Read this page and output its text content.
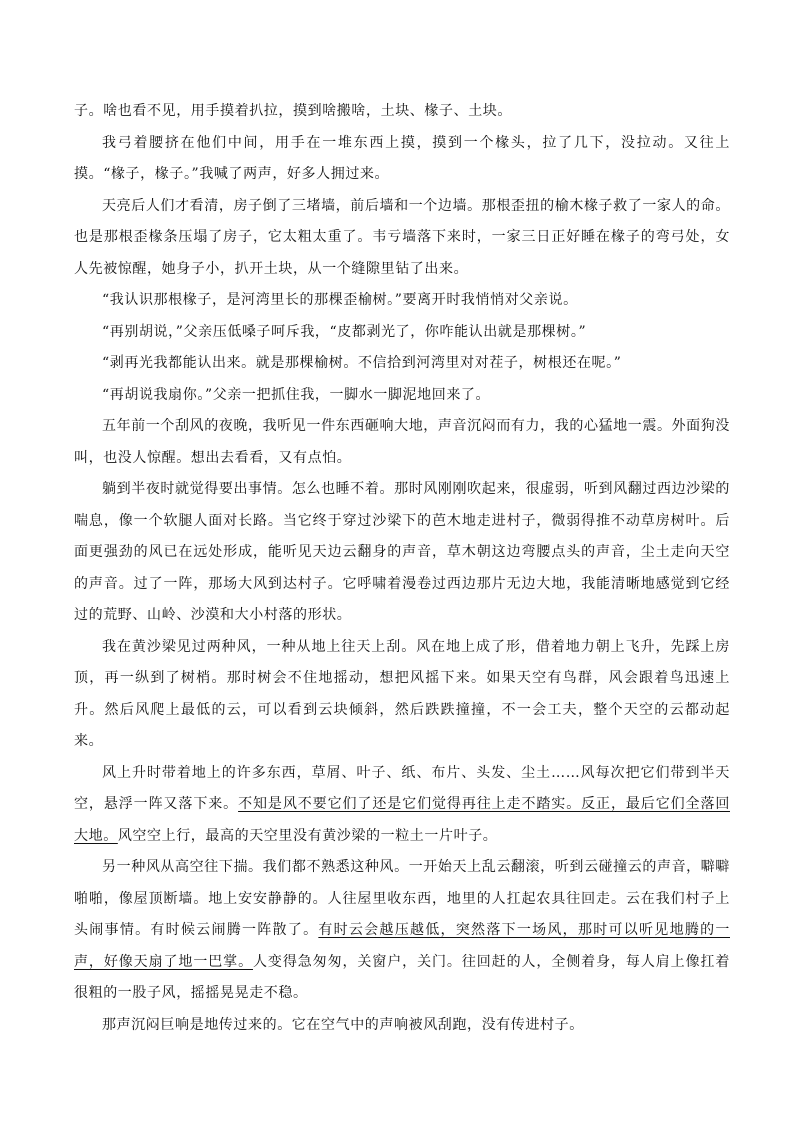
子。啥也看不见，用手摸着扒拉，摸到啥搬啥，土块、椽子、土块。

我弓着腰挤在他们中间，用手在一堆东西上摸，摸到一个椽头，拉了几下，没拉动。又往上摸。“椽子，椽子。”我喊了两声，好多人拥过来。

天亮后人们才看清，房子倒了三堵墙，前后墙和一个边墙。那根歪扭的榆木椽子救了一家人的命。也是那根歪椽条压塌了房子，它太粗太重了。韦亏墙落下来时，一家三日正好睡在椽子的弯弓处，女人先被惊醒，她身子小，扒开土块，从一个缝隙里钻了出来。

“我认识那根椽子，是河湾里长的那棵歪榆树。”要离开时我悄悄对父亲说。

“再别胡说，”父亲压低嗓子呵斥我，“皮都剥光了，你咋能认出就是那棵树。”

“剥再光我都能认出来。就是那棵榆树。不信拾到河湾里对对茬子，树根还在呢。”

“再胡说我扇你。”父亲一把抓住我，一脚水一脚泥地回来了。

五年前一个刮风的夜晚，我听见一件东西砸响大地，声音沉闷而有力，我的心猛地一震。外面狗没叫，也没人惊醒。想出去看看，又有点怕。

躺到半夜时就觉得要出事情。怎么也睡不着。那时风刚刚吹起来，很虚弱，听到风翻过西边沙梁的喘息，像一个软腿人面对长路。当它终于穿过沙梁下的芭木地走进村子，微弱得推不动草房树叶。后面更强劲的风已在远处形成，能听见天边云翻身的声音，草木朝这边弯腰点头的声音，尘土走向天空的声音。过了一阵，那场大风到达村子。它呼啸着漫卷过西边那片无边大地，我能清晰地感觉到它经过的荒野、山岭、沙漠和大小村落的形状。

我在黄沙梁见过两种风，一种从地上往天上刮。风在地上成了形，借着地力朝上飞升，先踩上房顶，再一纵到了树梢。那时树会不住地摇动，想把风摇下来。如果天空有鸟群，风会跟着鸟迅速上升。然后风爬上最低的云，可以看到云块倾斜，然后跌跌撞撞，不一会工夫，整个天空的云都动起来。

风上升时带着地上的许多东西，草屑、叶子、纸、布片、头发、尘土……风每次把它们带到半天空，悬浮一阵又落下来。不知是风不要它们了还是它们觉得再往上走不踏实。反正，最后它们全落回大地。风空空上行，最高的天空里没有黄沙梁的一粒土一片叶子。

另一种风从高空往下揣。我们都不熟悉这种风。一开始天上乱云翻滚，听到云碰撞云的声音，噼噼啪啪，像屋顶断墙。地上安安静静的。人往屋里收东西，地里的人扛起农具往回走。云在我们村子上头闹事情。有时候云闹腾一阵散了。有时云会越压越低，突然落下一场风，那时可以听见地腾的一声，好像天扇了地一巴掌。人变得急匆匆，关窗户，关门。往回赶的人，全侧着身，每人肩上像扛着很粗的一股子风，摇摇晃晃走不稳。

那声沉闷巨响是地传过来的。它在空气中的声响被风刮跑，没有传进村子。
